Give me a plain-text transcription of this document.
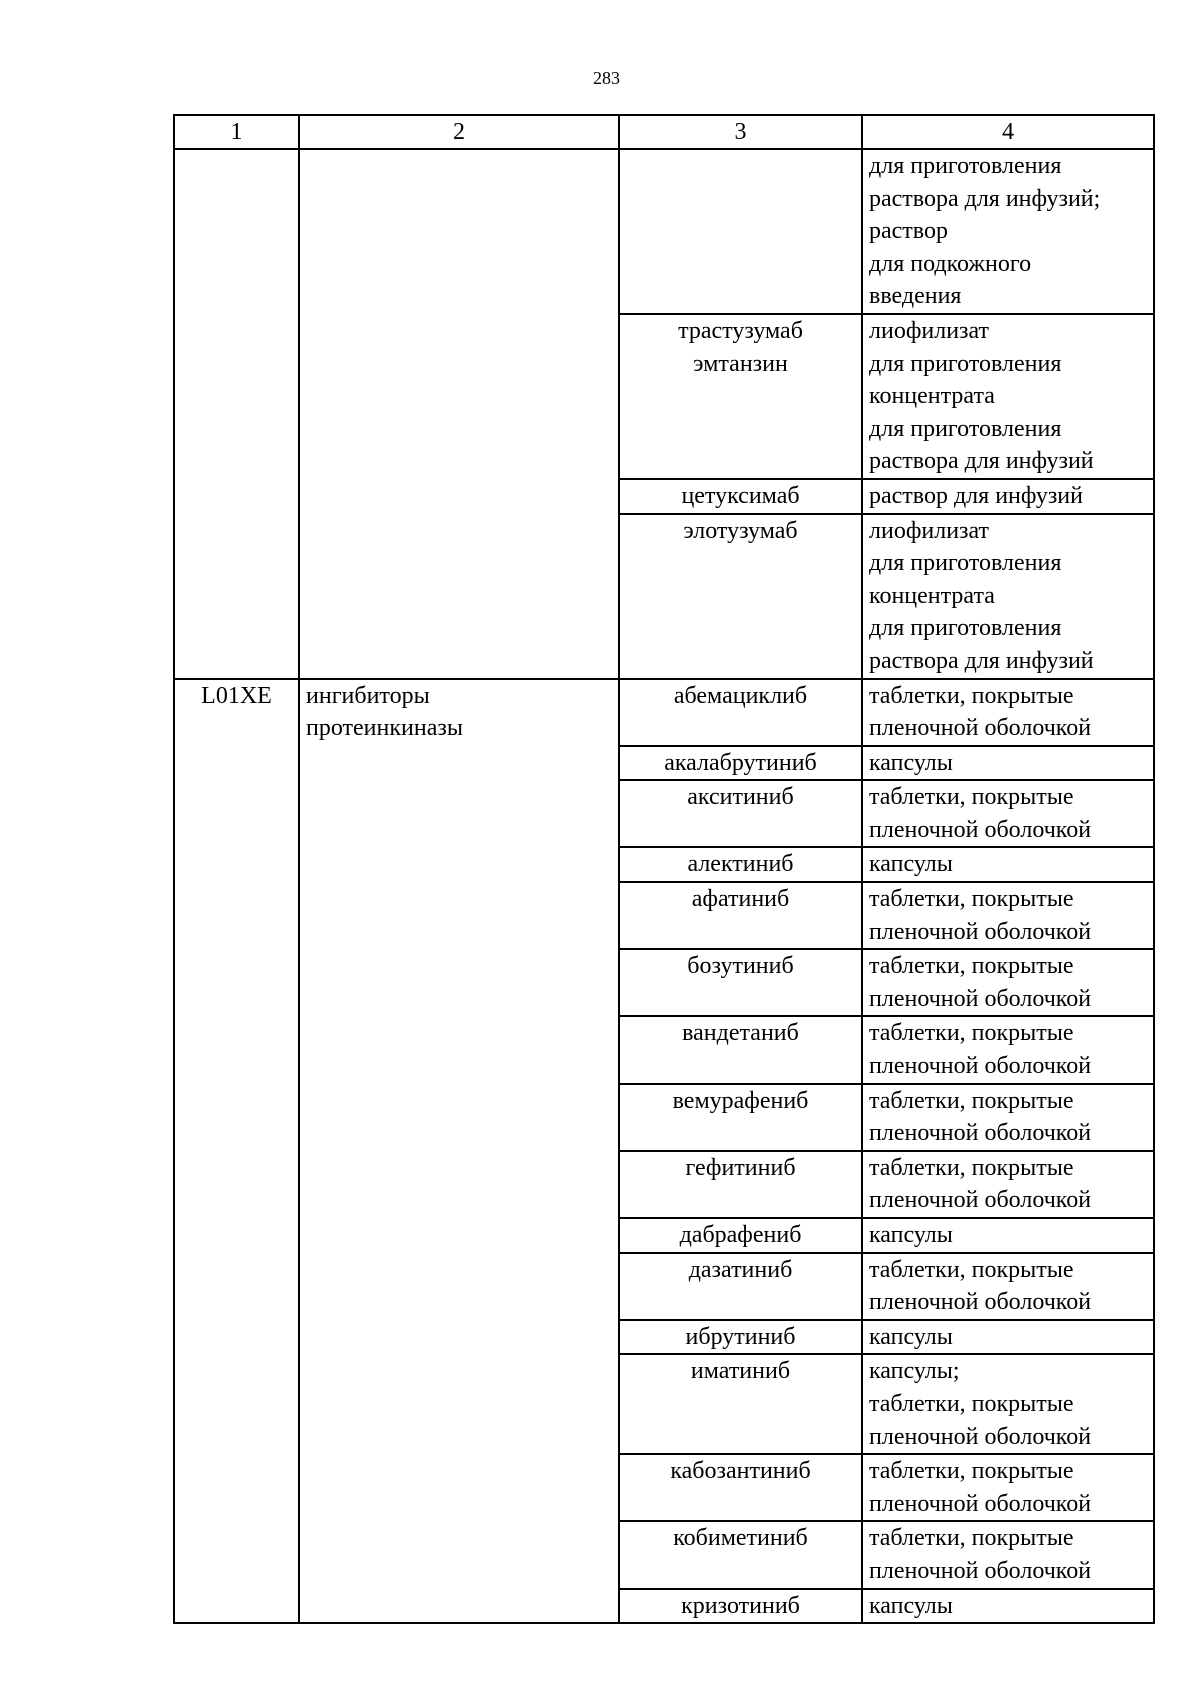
283
1	2	3	4

			для приготовления
раствора для инфузий;
раствор
для подкожного
введения

		трастузумаб
эмтанзин	лиофилизат
для приготовления
концентрата
для приготовления
раствора для инфузий

		цетуксимаб	раствор для инфузий

		элотузумаб	лиофилизат
для приготовления
концентрата
для приготовления
раствора для инфузий

L01XE	ингибиторы
протеинкиназы	абемациклиб	таблетки, покрытые
пленочной оболочкой

		акалабрутиниб	капсулы

		акситиниб	таблетки, покрытые
пленочной оболочкой

		алектиниб	капсулы

		афатиниб	таблетки, покрытые
пленочной оболочкой

		бозутиниб	таблетки, покрытые
пленочной оболочкой

		вандетаниб	таблетки, покрытые
пленочной оболочкой

		вемурафениб	таблетки, покрытые
пленочной оболочкой

		гефитиниб	таблетки, покрытые
пленочной оболочкой

		дабрафениб	капсулы

		дазатиниб	таблетки, покрытые
пленочной оболочкой

		ибрутиниб	капсулы

		иматиниб	капсулы;
таблетки, покрытые
пленочной оболочкой

		кабозантиниб	таблетки, покрытые
пленочной оболочкой

		кобиметиниб	таблетки, покрытые
пленочной оболочкой

		кризотиниб	капсулы
